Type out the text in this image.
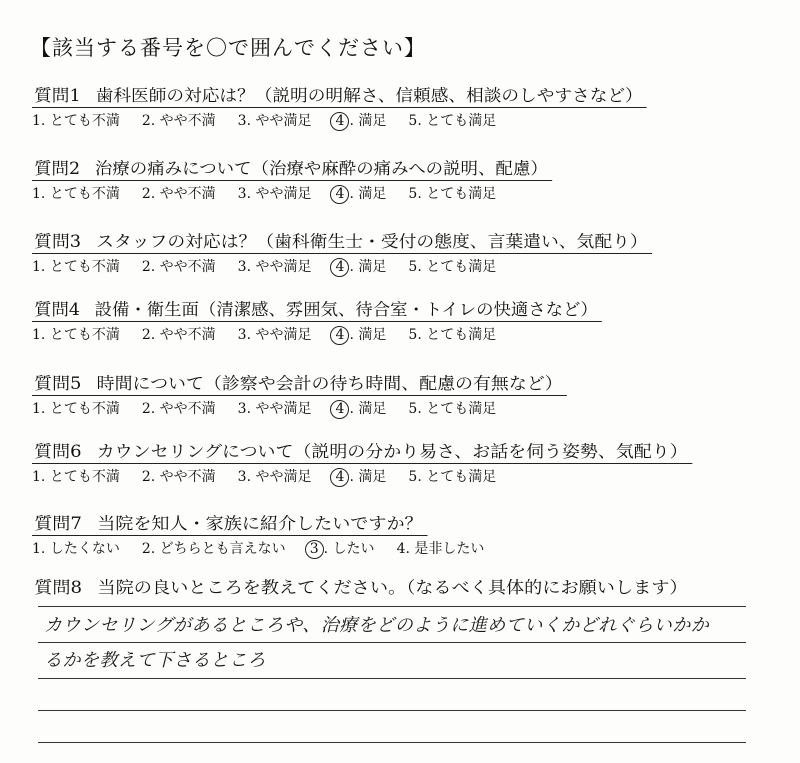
【該当する番号を〇で囲んでください】
質問1 歯科医師の対応は？（説明の明解さ、信頼感、相談のしやすさなど）
1. とても不満 2. やや不満 3. やや満足 4 . 満足 5. とても満足
質問2 治療の痛みについて（治療や麻酔の痛みへの説明、配慮）
1. とても不満 2. やや不満 3. やや満足 4 . 満足 5. とても満足
質問3 スタッフの対応は？（歯科衛生士・受付の態度、言葉遣い、気配り）
1. とても不満 2. やや不満 3. やや満足 4 . 満足 5. とても満足
質問4 設備・衛生面（清潔感、雰囲気、待合室・トイレの快適さなど）
1. とても不満 2. やや不満 3. やや満足 4 . 満足 5. とても満足
質問5 時間について（診察や会計の待ち時間、配慮の有無など）
1. とても不満 2. やや不満 3. やや満足 4 . 満足 5. とても満足
質問6 カウンセリングについて（説明の分かり易さ、お話を伺う姿勢、気配り）
1. とても不満 2. やや不満 3. やや満足 4 . 満足 5. とても満足
質問7 当院を知人・家族に紹介したいですか？
1. したくない 2. どちらとも言えない 3 . したい 4. 是非したい
質問8 当院の良いところを教えてください。（なるべく具体的にお願いします）
カウンセリングがあるところや、治療をどのように進めていくかどれぐらいかか
るかを教えて下さるところ
